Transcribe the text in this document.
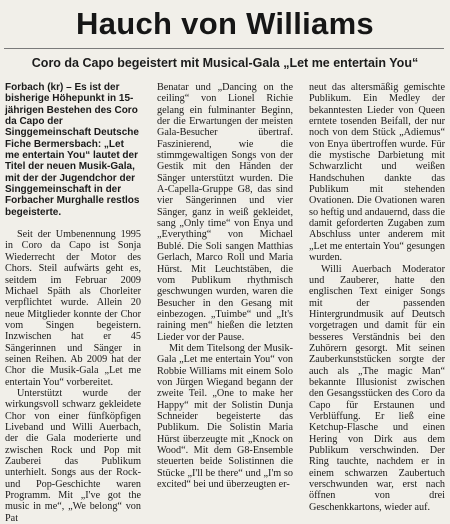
Hauch von Williams
Coro da Capo begeistert mit Musical-Gala „Let me entertain You“

Forbach (kr) – Es ist der bisherige Höhepunkt in 15-jährigen Bestehen des Coro da Capo der Singgemeinschaft Deutsche Fiche Bermersbach: „Let me entertain You“ lautet der Titel der neuen Musik-Gala, mit der der Jugendchor der Singgemeinschaft in der Forbacher Murghalle restlos begeisterte.

Seit der Umbenennung 1995 in Coro da Capo ist Sonja Wiederrecht der Motor des Chors. Steil aufwärts geht es, seitdem im Februar 2009 Michael Späth als Chorleiter verpflichtet wurde. Allein 20 neue Mitglieder konnte der Chor vom Singen begeistern. Inzwischen hat er 45 Sängerinnen und Sänger in seinen Reihen. Ab 2009 hat der Chor die Musik-Gala „Let me entertain You“ vorbereitet.

Unterstützt wurde der wirkungsvoll schwarz gekleidete Chor von einer fünfköpfigen Liveband und Willi Auerbach, der die Gala moderierte und zwischen Rock und Pop mit Zauberei das Publikum unterhielt. Songs aus der Rock- und Pop-Geschichte waren Programm. Mit „I've got the music in me“, „We belong“ von Pat

Benatar und „Dancing on the ceiling“ von Lionel Richie gelang ein fulminanter Beginn, der die Erwartungen der meisten Gala-Besucher übertraf. Faszinierend, wie die stimmgewaltigen Songs von der Gestik mit den Händen der Sänger unterstützt wurden. Die A-Capella-Gruppe G8, das sind vier Sängerinnen und vier Sänger, ganz in weiß gekleidet, sang „Only time“ von Enya und „Everything“ von Michael Bublé. Die Soli sangen Matthias Gerlach, Marco Roll und Maria Hürst. Mit Leuchtstäben, die vom Publikum rhythmisch geschwungen wurden, waren die Besucher in den Gesang mit einbezogen. „Tuimbe“ und „It's raining men“ hießen die letzten Lieder vor der Pause.

Mit dem Titelsong der Musik-Gala „Let me entertain You“ von Robbie Williams mit einem Solo von Jürgen Wiegand begann der zweite Teil. „One to make her Happy“ mit der Solistin Dunja Schneider begeisterte das Publikum. Die Solistin Maria Hürst überzeugte mit „Knock on Wood“. Mit dem G8-Ensemble steuerten beide Solistinnen die Stücke „I'll be there“ und „I'm so excited“ bei und überzeugten er-

neut das altersmäßig gemischte Publikum. Ein Medley der bekanntesten Lieder von Queen erntete tosenden Beifall, der nur noch von dem Stück „Adiemus“ von Enya übertroffen wurde. Für die mystische Darbietung mit Schwarzlicht und weißen Handschuhen dankte das Publikum mit stehenden Ovationen. Die Ovationen waren so heftig und andauernd, dass die damit geforderten Zugaben zum Abschluss unter anderem mit „Let me entertain You“ gesungen wurden.

Willi Auerbach Moderator und Zauberer, hatte den englischen Text einiger Songs mit der passenden Hintergrundmusik auf Deutsch vorgetragen und damit für ein besseres Verständnis bei den Zuhörern gesorgt. Mit seinen Zauberkunststücken sorgte der auch als „The magic Man“ bekannte Illusionist zwischen den Gesangsstücken des Coro da Capo für Erstaunen und Verblüffung. Er ließ eine Ketchup-Flasche und einen Hering von Dirk aus dem Publikum verschwinden. Der Ring tauchte, nachdem er in einem schwarzen Zaubertuch verschwunden war, erst nach öffnen von drei Geschenkkartons, wieder auf.
